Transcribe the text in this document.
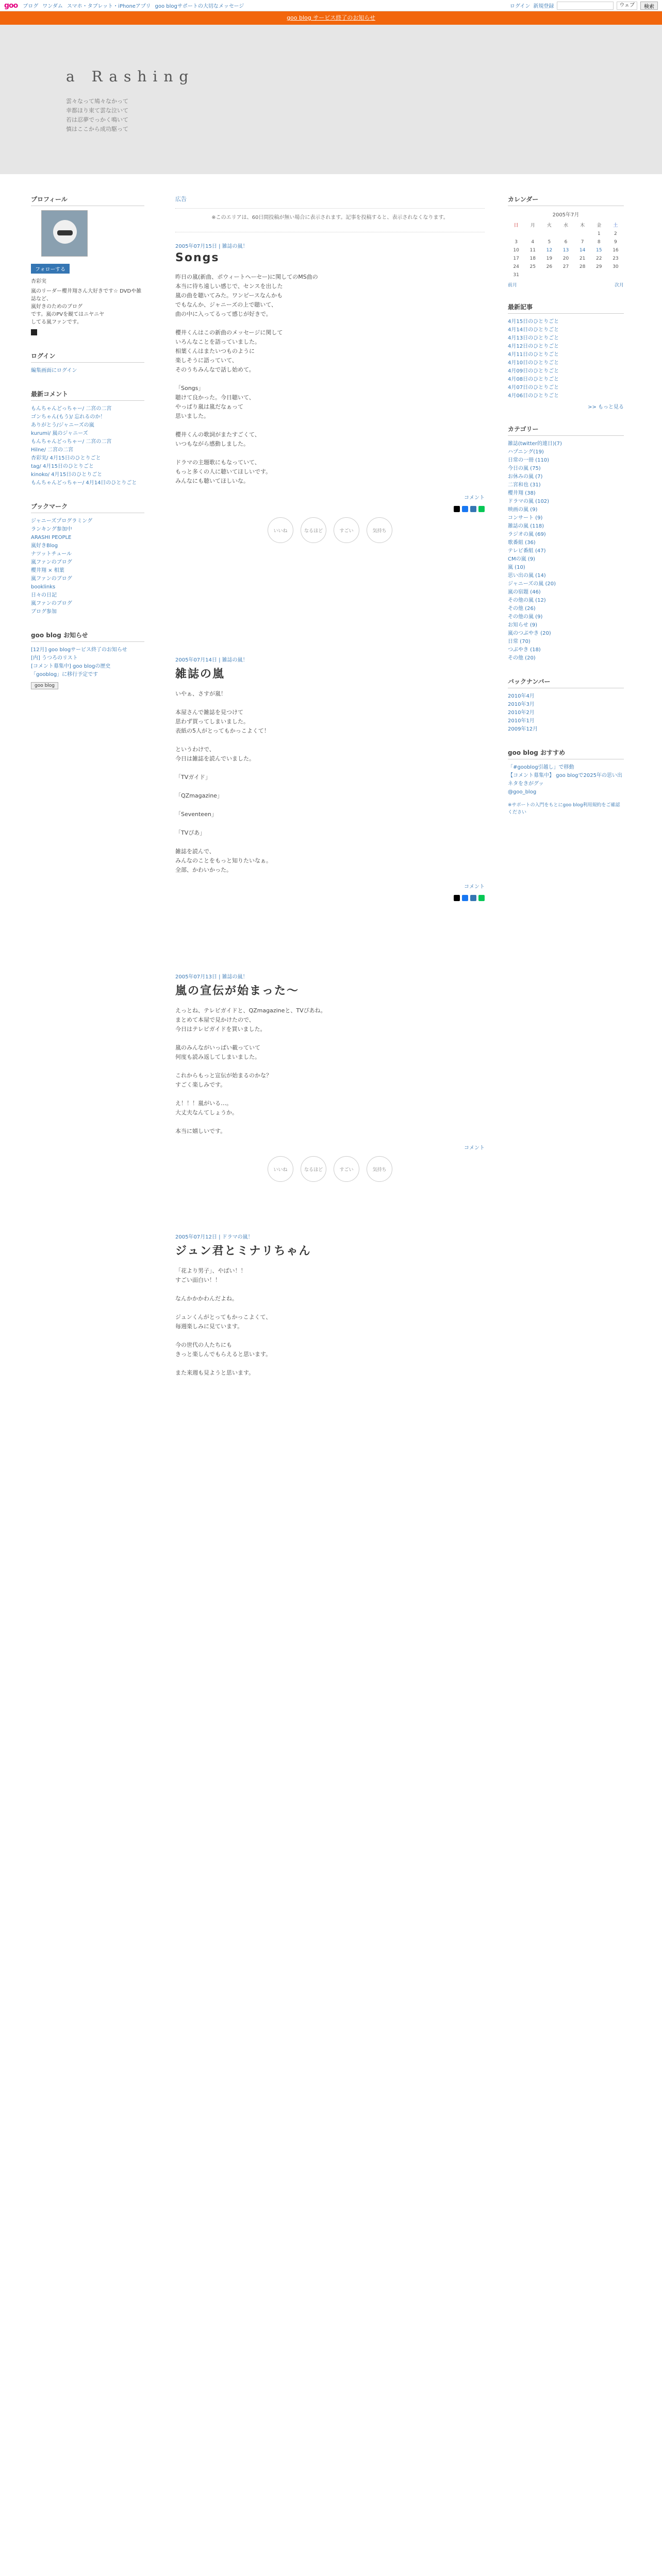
goo ブログ ワンダム スマホ・タブレット・iPhoneアプリ goo blogサポートの大切なメッセージ	ログイン 新規登録	ウェブ	検索
goo blog サービス終了のお知らせ
a Rashing
雲々なって鳩々なかって
幸都ほり束て雲な泣いて
若は忍夢でっかく鳴いて
慎はここから成功駆って
プロフィール
フォローする
杏彩実
嵐のリーダー櫻井翔さん大好きです☆ DVDや雑誌など、
嵐好きのためのブログ
です。嵐のPVを観てはニヤニヤ
してる嵐ファンです。
ログイン
編集画面にログイン
最新コメント
もんちゃんどっちゃー/ 二宮の二宮
ゴンちゃん(もう)/ 忘れるのか！
ありがとう/ジャニーズの嵐
kurumi/ 嵐のジャニーズ
もんちゃんどっちゃー/ 二宮の二宮
Hilne/ 二宮の二宮
杏彩実/ 4月15日のひとりごと
tag/ 4月15日のひとりごと
kinoko/ 4月15日のひとりごと
もんちゃんどっちゃー/ 4月14日のひとりごと
ブックマーク
ジャニーズプログラミング
ランキング参加中
ARASHI PEOPLE
嵐好きBlog
ナツットチュール
嵐ファンのブログ
櫻井翔 × 相葉
嵐ファンのブログ
booklinks
日々の日記
嵐ファンのブログ
ブログ参加
goo blog お知らせ
[12月] goo blogサービス終了のお知らせ
[内] うつろのリスト
[コメント募集中] goo blogの歴史
「gooblog」に移行予定です
goo blog
広告
※このエリアは、60日間投稿が無い場合に表示されます。記事を投稿すると、表示されなくなります。
2005年07月15日 | 雑誌の嵐！
Songs
昨日の嵐(新曲、ポウィートヘーセー)に関してのMS曲の
本当に待ち遠しい感じで、センスを出した
嵐の曲を聴いてみた。ワンピースなんかも
でもなんか、ジャニーズの上で聴いて、
曲の中に入ってるって感じが好きで。

櫻井くんはこの新曲のメッセージに関して
いろんなことを語っていました。
相葉くんはまたいつものように
楽しそうに語っていて、
そのうちみんなで話し始めて。

「Songs」
聴けて良かった。今日聴いて、
やっぱり嵐は嵐だなぁって
思いました。

櫻井くんの歌詞がまたすごくて、
いつもながら感動しました。

ドラマの主題歌にもなっていて、
もっと多くの人に聴いてほしいです。
みんなにも聴いてほしいな。
コメント
いいね	なるほど	すごい	気持ち
2005年07月14日 | 雑誌の嵐！
雑誌の嵐
いやぁ、さすが嵐！

本屋さんで雑誌を見つけて
思わず買ってしまいました。
表紙の5人がとってもかっこよくて！

というわけで、
今日は雑誌を読んでいました。

「TVガイド」

「QZmagazine」

「Seventeen」

「TVぴあ」

雑誌を読んで、
みんなのことをもっと知りたいなぁ。
全部、かわいかった。
コメント
2005年07月13日 | 雑誌の嵐！
嵐の宣伝が始まった〜
えっとね、テレビガイドと、QZmagazineと、TVぴあね。
まとめて本屋で見かけたので、
今日はテレビガイドを買いました。

嵐のみんながいっぱい載っていて
何度も読み返してしまいました。

これからもっと宣伝が始まるのかな？
すごく楽しみです。

え！！！嵐がいる…。
大丈夫なんてしょうか。

本当に嬉しいです。
コメント
いいね	なるほど	すごい	気持ち
2005年07月12日 | ドラマの嵐！
ジュン君とミナリちゃん
「花より男子」、やばい！！
すごい面白い！！

なんかかかわんだよね。

ジュンくんがとってもかっこよくて、
毎週楽しみに見ています。

今の世代の人たちにも
きっと楽しんでもらえると思います。

また来週も見ようと思います。
カレンダー
2005年7月
日	月	火	水	木	金	土
					1	2
3	4	5	6	7	8	9
10	11	12	13	14	15	16
17	18	19	20	21	22	23
24	25	26	27	28	29	30
31						
前月	次月
最新記事
4月15日のひとりごと
4月14日のひとりごと
4月13日のひとりごと
4月12日のひとりごと
4月11日のひとりごと
4月10日のひとりごと
4月09日のひとりごと
4月08日のひとりごと
4月07日のひとりごと
4月06日のひとりごと
>> もっと見る
カテゴリー
雑誌(twitter的連日)(7)
ハプニング(19)
日常の一冊 (110)
今日の嵐 (75)
お休みの嵐 (7)
二宮和也 (31)
櫻井翔 (38)
ドラマの嵐 (102)
映画の嵐 (9)
コンサート (9)
雑誌の嵐 (118)
ラジオの嵐 (69)
歌番組 (36)
テレビ番組 (47)
CMの嵐 (9)
嵐 (10)
思い出の嵐 (14)
ジャニーズの嵐 (20)
嵐の宿題 (46)
その他の嵐 (12)
その他 (26)
その他の嵐 (9)
お知らせ (9)
嵐のつぶやき (20)
日常 (70)
つぶやき (18)
その他 (20)
バックナンバー
2010年4月
2010年3月
2010年2月
2010年1月
2009年12月
goo blog おすすめ
「#gooblog引越し」で移動
【コメント募集中】 goo blogで2025年の思い出
ネタをきがグッ
@goo_blog
※サポートの入門をもとにgoo blog利用規約をご確認ください
